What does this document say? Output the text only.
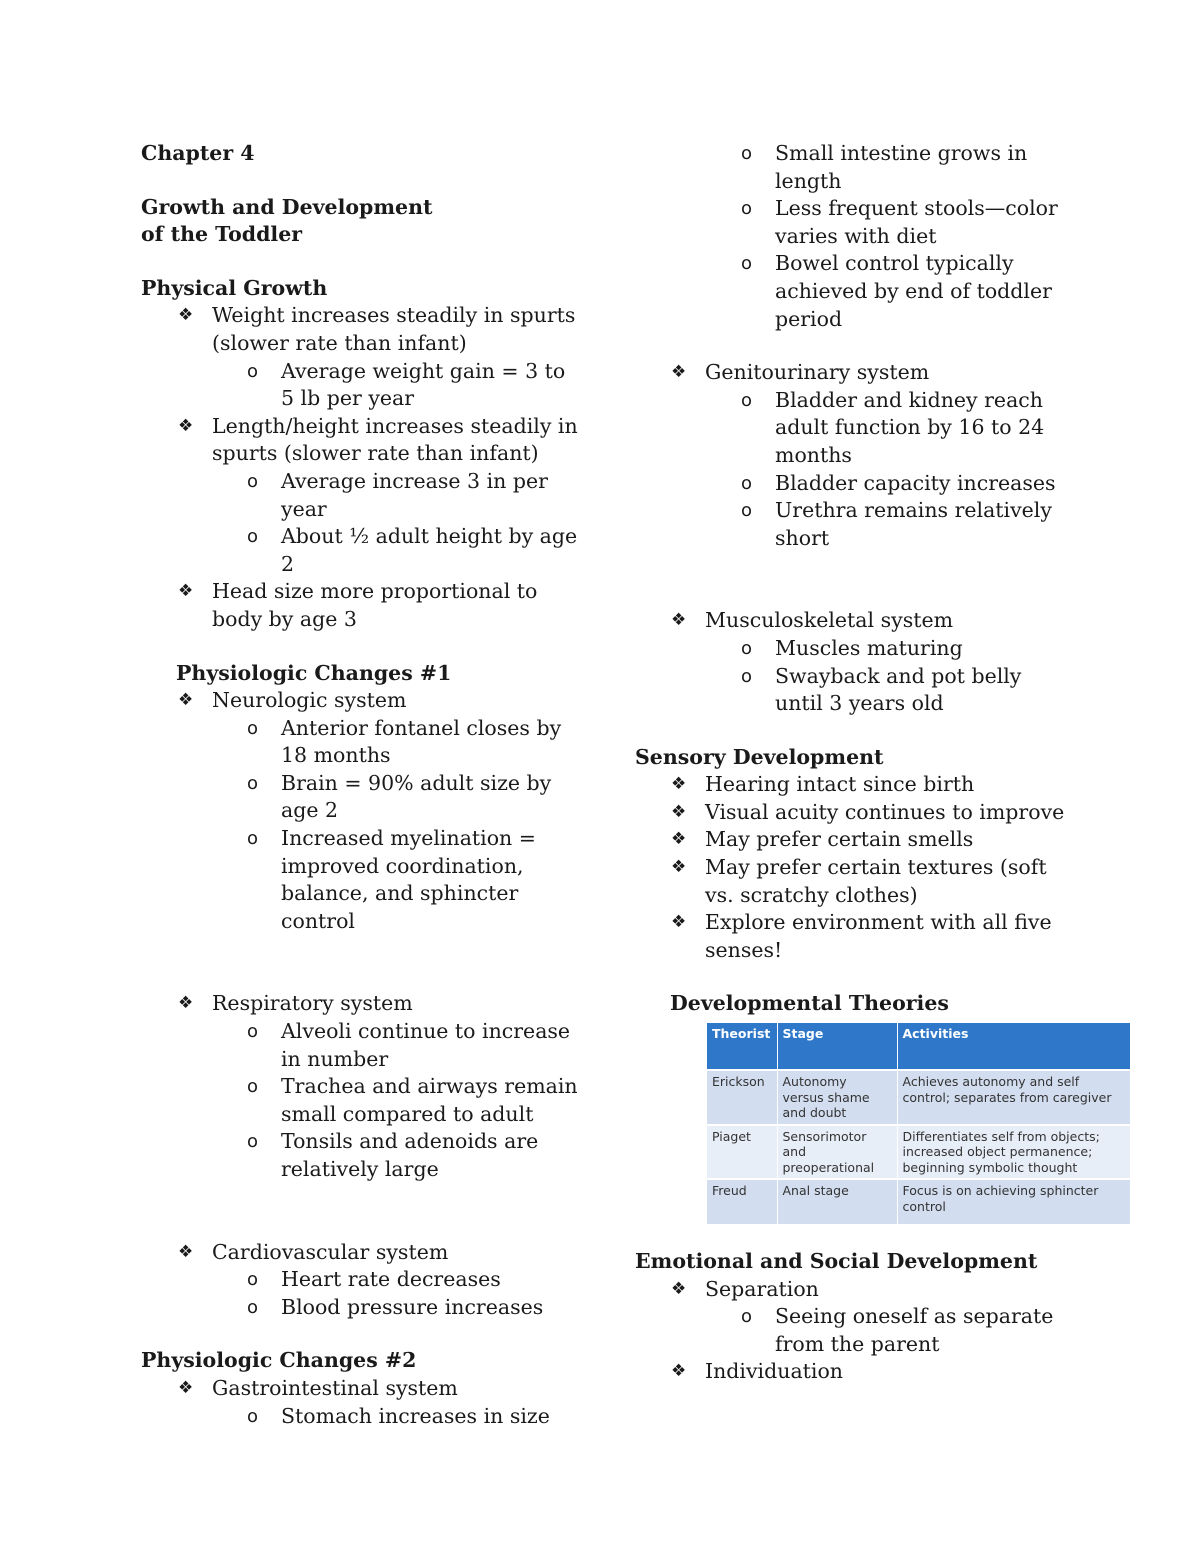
Chapter 4
Growth and Development
of the Toddler
Physical Growth
❖ Weight increases steadily in spurts (slower rate than infant)
o	Average weight gain = 3 to 5 lb per year
❖ Length/height increases steadily in spurts (slower rate than infant)
o	Average increase 3 in per year
o	About ½ adult height by age 2
❖ Head size more proportional to body by age 3
Physiologic Changes #1
❖ Neurologic system
o	Anterior fontanel closes by 18 months
o	Brain = 90% adult size by age 2
o	Increased myelination = improved coordination, balance, and sphincter control
❖ Respiratory system
o	Alveoli continue to increase in number
o	Trachea and airways remain small compared to adult
o	Tonsils and adenoids are relatively large
❖ Cardiovascular system
o	Heart rate decreases
o	Blood pressure increases
Physiologic Changes #2
❖ Gastrointestinal system
o	Stomach increases in size
o	Small intestine grows in length
o	Less frequent stools—color varies with diet
o	Bowel control typically achieved by end of toddler period
❖ Genitourinary system
o	Bladder and kidney reach adult function by 16 to 24 months
o	Bladder capacity increases
o	Urethra remains relatively short
❖ Musculoskeletal system
o	Muscles maturing
o	Swayback and pot belly until 3 years old
Sensory Development
❖ Hearing intact since birth
❖ Visual acuity continues to improve
❖ May prefer certain smells
❖ May prefer certain textures (soft vs. scratchy clothes)
❖ Explore environment with all five senses!
Developmental Theories
Emotional and Social Development
❖ Separation
o	Seeing oneself as separate from the parent
❖ Individuation
Theorist	Stage	Activities
Erickson	Autonomy versus shame and doubt	Achieves autonomy and self control; separates from caregiver
Piaget	Sensorimotor and preoperational	Differentiates self from objects; increased object permanence; beginning symbolic thought
Freud	Anal stage	Focus is on achieving sphincter control
